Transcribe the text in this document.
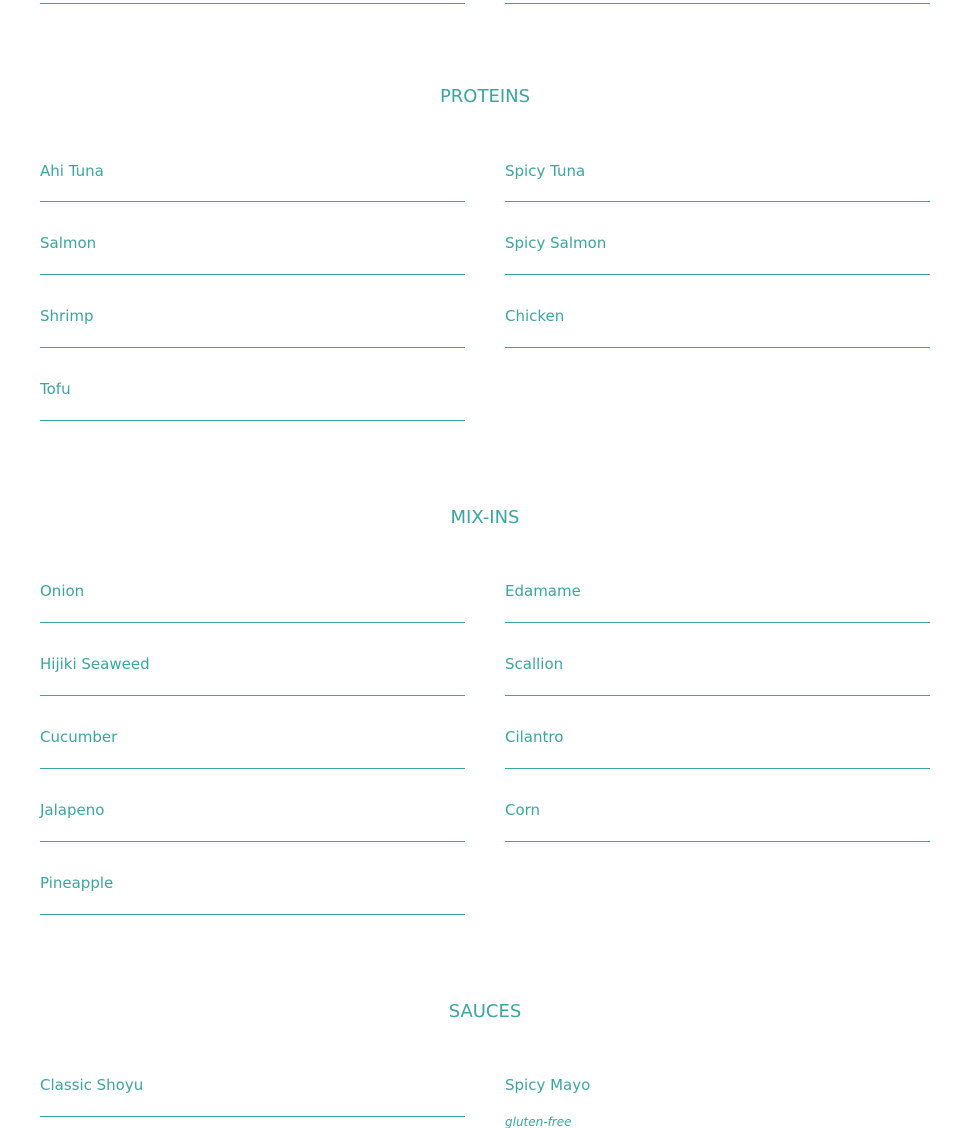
PROTEINS
Ahi Tuna	Spicy Tuna
Salmon	Spicy Salmon
Shrimp	Chicken
Tofu
MIX-INS
Onion	Edamame
Hijiki Seaweed	Scallion
Cucumber	Cilantro
Jalapeno	Corn
Pineapple
SAUCES
Classic Shoyu	Spicy Mayo
gluten-free
